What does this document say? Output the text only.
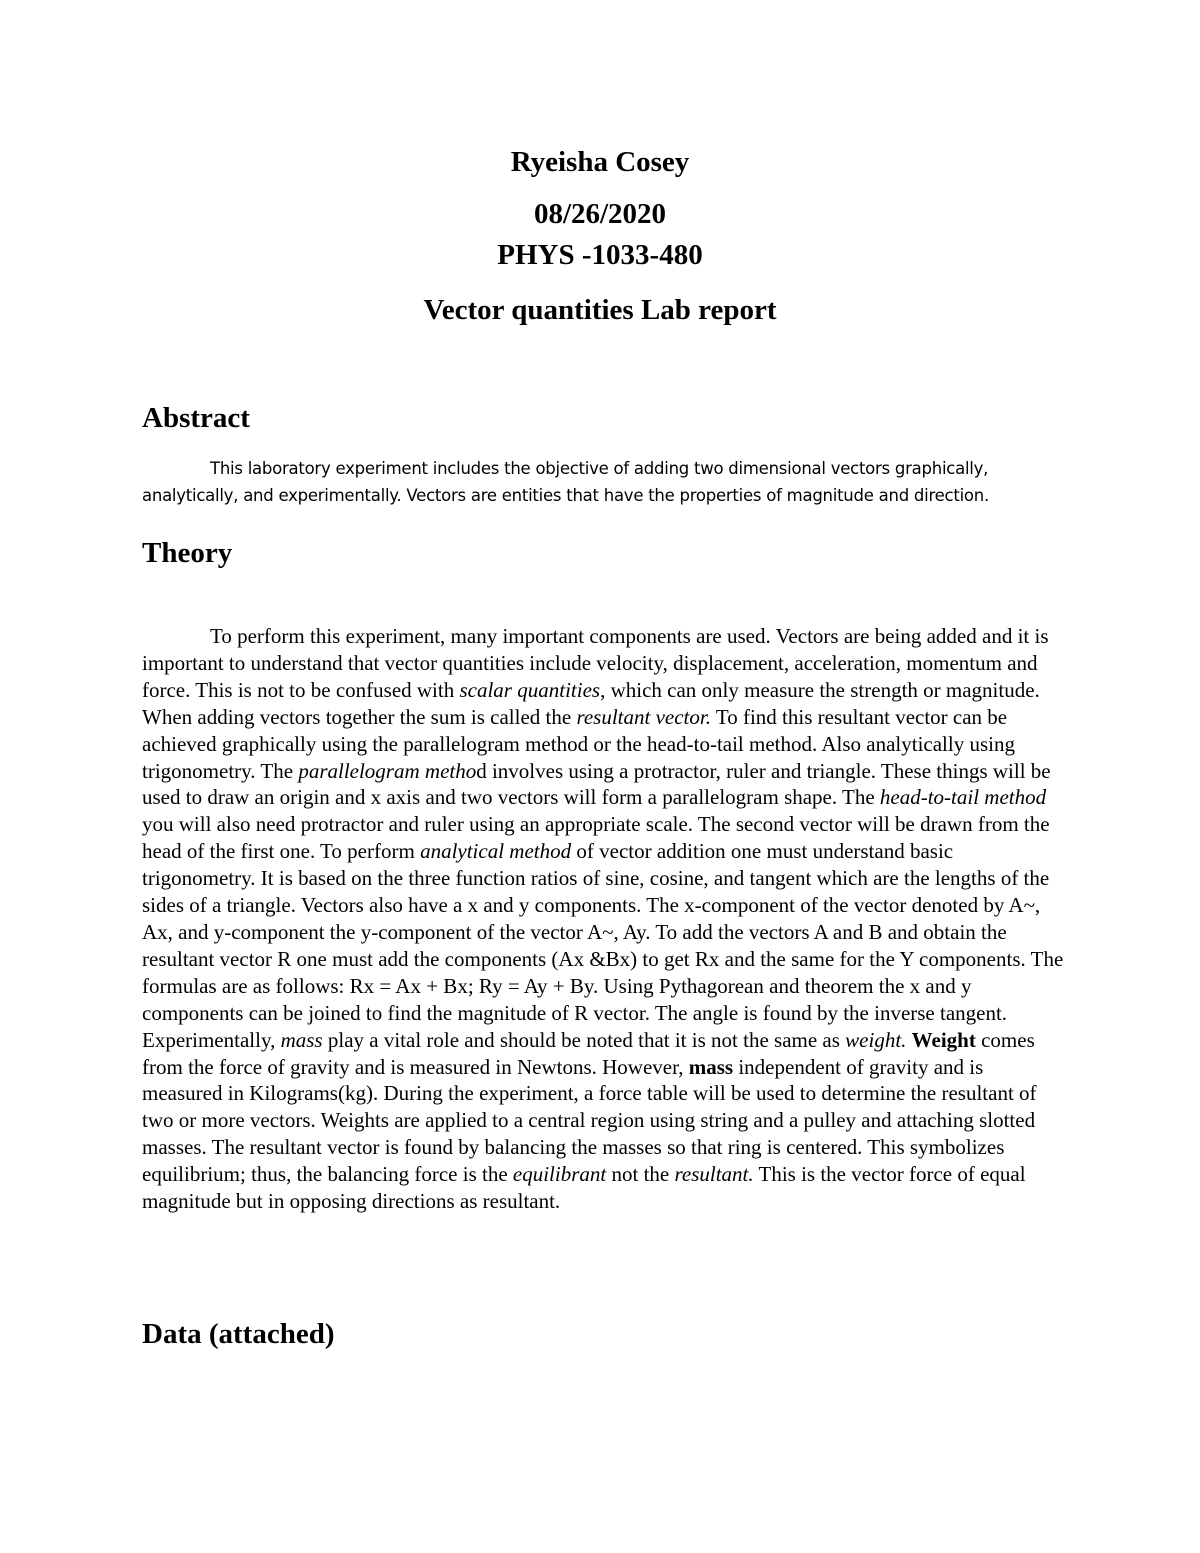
Ryeisha Cosey
08/26/2020
PHYS -1033-480
Vector quantities Lab report
Abstract

This laboratory experiment includes the objective of adding two dimensional vectors graphically, analytically, and experimentally. Vectors are entities that have the properties of magnitude and direction.

Theory

To perform this experiment, many important components are used. Vectors are being added and it is important to understand that vector quantities include velocity, displacement, acceleration, momentum and force. This is not to be confused with scalar quantities, which can only measure the strength or magnitude. When adding vectors together the sum is called the resultant vector. To find this resultant vector can be achieved graphically using the parallelogram method or the head-to-tail method. Also analytically using trigonometry. The parallelogram method involves using a protractor, ruler and triangle. These things will be used to draw an origin and x axis and two vectors will form a parallelogram shape. The head-to-tail method you will also need protractor and ruler using an appropriate scale. The second vector will be drawn from the head of the first one. To perform analytical method of vector addition one must understand basic trigonometry. It is based on the three function ratios of sine, cosine, and tangent which are the lengths of the sides of a triangle. Vectors also have a x and y components. The x-component of the vector denoted by A~, Ax, and y-component the y-component of the vector A~, Ay. To add the vectors A and B and obtain the resultant vector R one must add the components (Ax &Bx) to get Rx and the same for the Y components. The formulas are as follows: Rx = Ax + Bx; Ry = Ay + By. Using Pythagorean and theorem the x and y components can be joined to find the magnitude of R vector. The angle is found by the inverse tangent. Experimentally, mass play a vital role and should be noted that it is not the same as weight. Weight comes from the force of gravity and is measured in Newtons. However, mass independent of gravity and is measured in Kilograms(kg). During the experiment, a force table will be used to determine the resultant of two or more vectors. Weights are applied to a central region using string and a pulley and attaching slotted masses. The resultant vector is found by balancing the masses so that ring is centered. This symbolizes equilibrium; thus, the balancing force is the equilibrant not the resultant. This is the vector force of equal magnitude but in opposing directions as resultant.

Data (attached)
